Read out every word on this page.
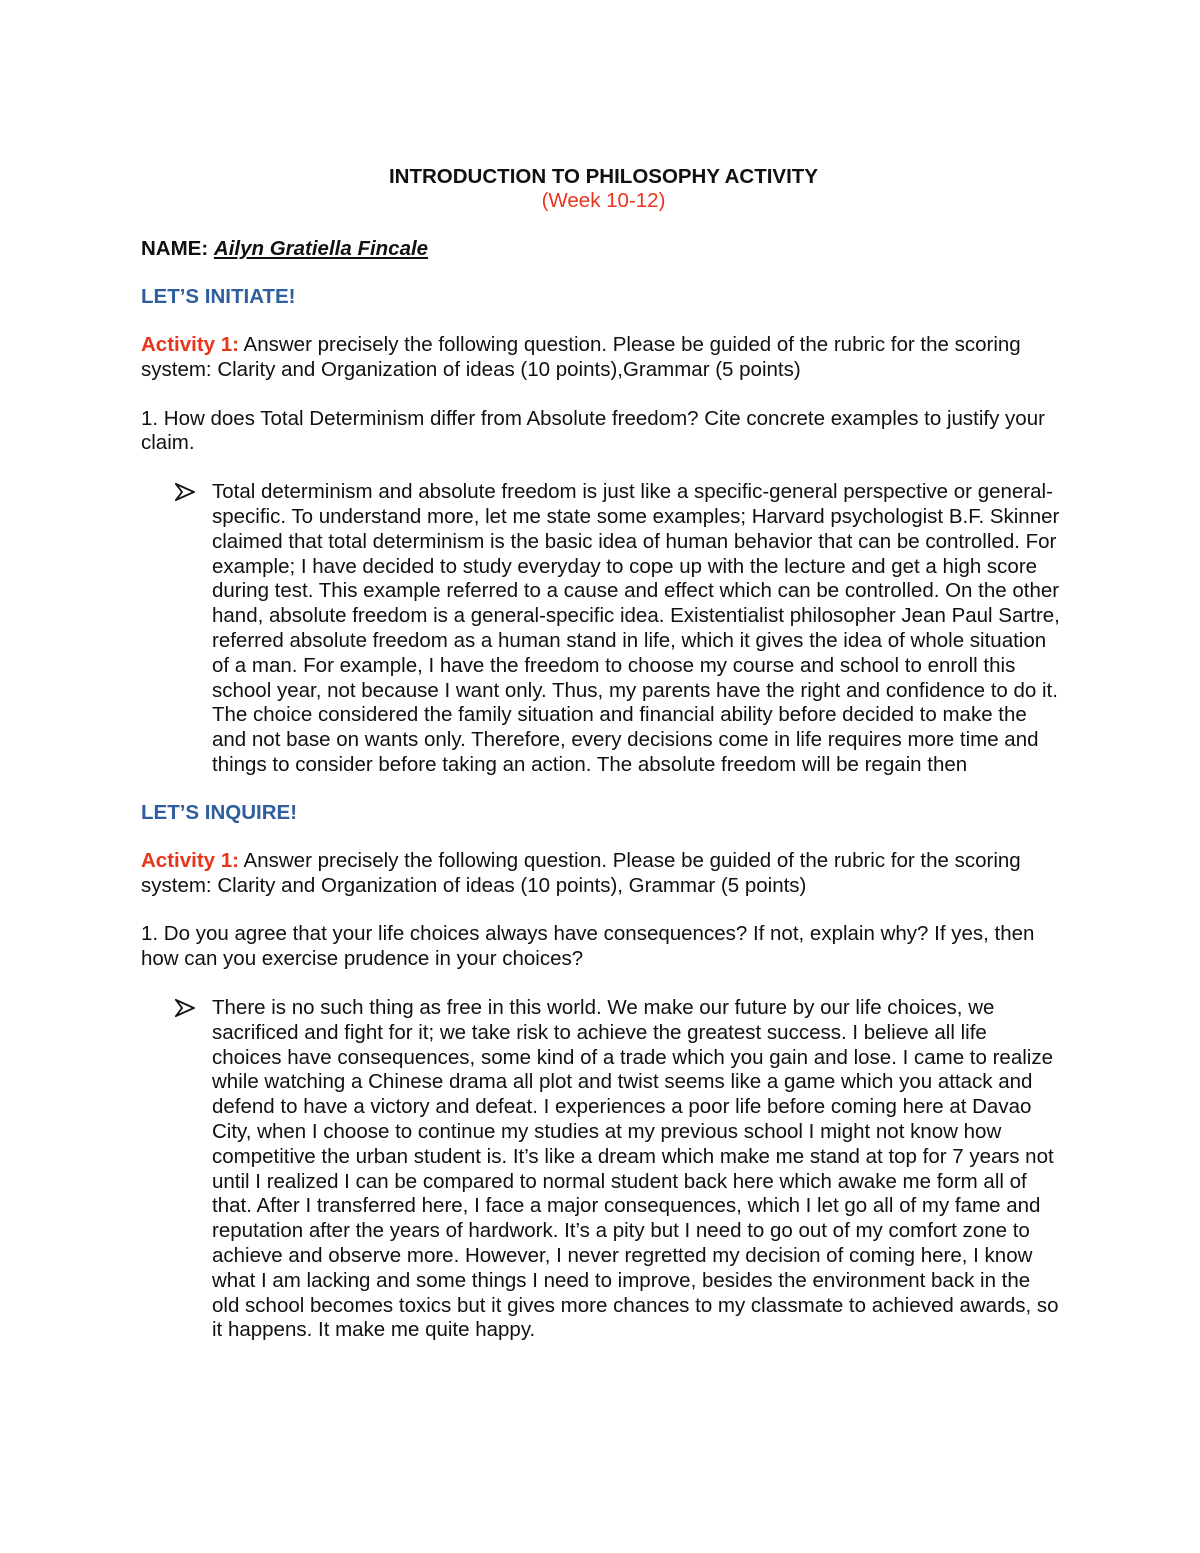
INTRODUCTION TO PHILOSOPHY ACTIVITY

(Week 10-12)

NAME: Ailyn Gratiella Fincale

LET’S INITIATE!

Activity 1: Answer precisely the following question. Please be guided of the rubric for the scoring system: Clarity and Organization of ideas (10 points),Grammar (5 points)

1. How does Total Determinism differ from Absolute freedom? Cite concrete examples to justify your claim.

Total determinism and absolute freedom is just like a specific-general perspective or general-specific. To understand more, let me state some examples; Harvard psychologist B.F. Skinner claimed that total determinism is the basic idea of human behavior that can be controlled. For example; I have decided to study everyday to cope up with the lecture and get a high score during test. This example referred to a cause and effect which can be controlled. On the other hand, absolute freedom is a general-specific idea. Existentialist philosopher Jean Paul Sartre, referred absolute freedom as a human stand in life, which it gives the idea of whole situation of a man. For example, I have the freedom to choose my course and school to enroll this school year, not because I want only. Thus, my parents have the right and confidence to do it. The choice considered the family situation and financial ability before decided to make the and not base on wants only. Therefore, every decisions come in life requires more time and things to consider before taking an action. The absolute freedom will be regain then

LET’S INQUIRE!

Activity 1: Answer precisely the following question. Please be guided of the rubric for the scoring system: Clarity and Organization of ideas (10 points), Grammar (5 points)

1. Do you agree that your life choices always have consequences? If not, explain why? If yes, then how can you exercise prudence in your choices?

There is no such thing as free in this world. We make our future by our life choices, we sacrificed and fight for it; we take risk to achieve the greatest success. I believe all life choices have consequences, some kind of a trade which you gain and lose. I came to realize while watching a Chinese drama all plot and twist seems like a game which you attack and defend to have a victory and defeat. I experiences a poor life before coming here at Davao City, when I choose to continue my studies at my previous school I might not know how competitive the urban student is. It’s like a dream which make me stand at top for 7 years not until I realized I can be compared to normal student back here which awake me form all of that. After I transferred here, I face a major consequences, which I let go all of my fame and reputation after the years of hardwork. It’s a pity but I need to go out of my comfort zone to achieve and observe more. However, I never regretted my decision of coming here, I know what I am lacking and some things I need to improve, besides the environment back in the old school becomes toxics but it gives more chances to my classmate to achieved awards, so it happens. It make me quite happy.
